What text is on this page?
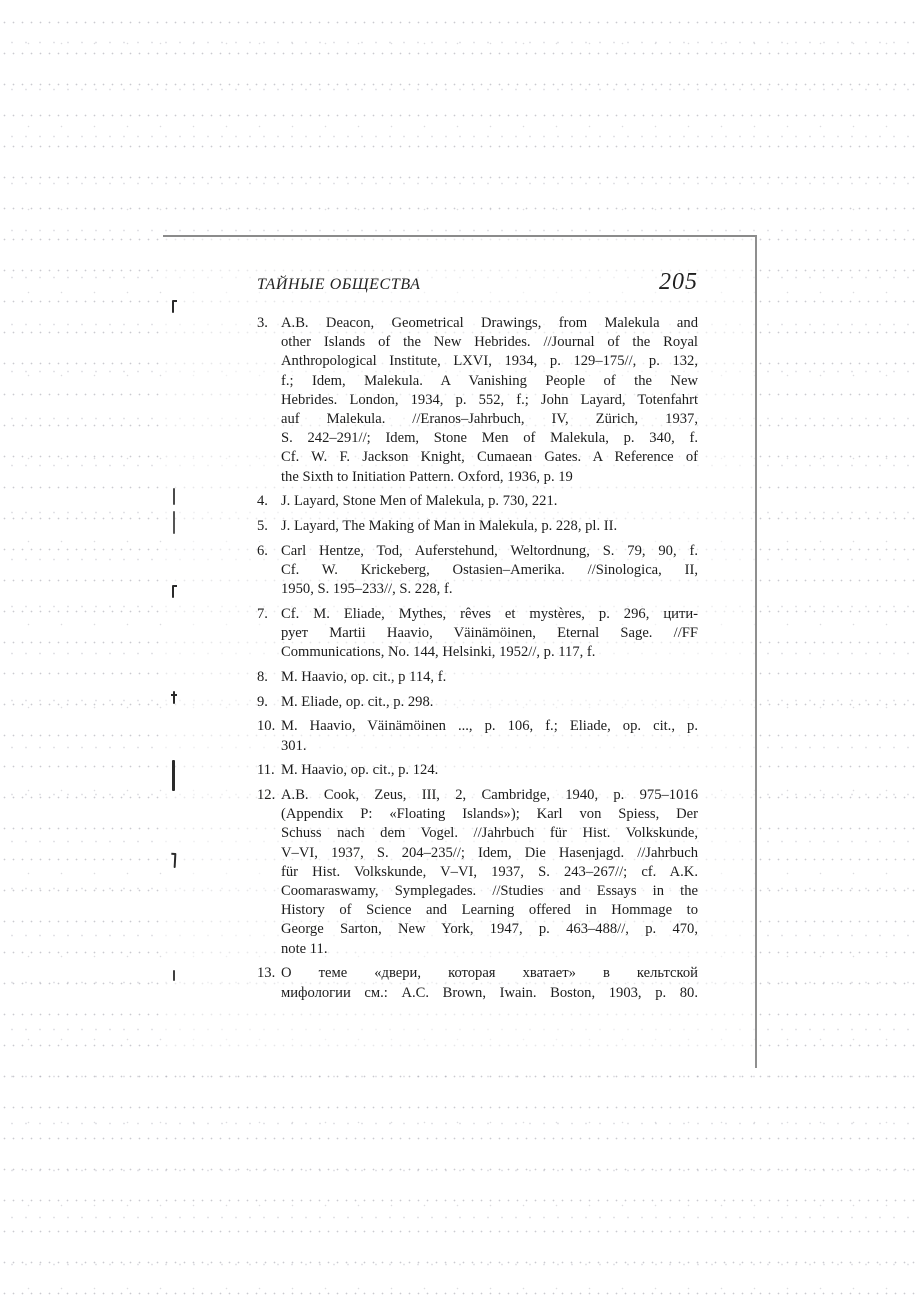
ТАЙНЫЕ ОБЩЕСТВА	205
3. A.B. Deacon, Geometrical Drawings, from Malekula and
other Islands of the New Hebrides. //Journal of the Royal
Anthropological Institute, LXVI, 1934, p. 129–175//, p. 132,
f.; Idem, Malekula. A Vanishing People of the New
Hebrides. London, 1934, p. 552, f.; John Layard, Totenfahrt
auf Malekula. //Eranos–Jahrbuch, IV, Zürich, 1937,
S. 242–291//; Idem, Stone Men of Malekula, p. 340, f.
Cf. W. F. Jackson Knight, Cumaean Gates. A Reference of
the Sixth to Initiation Pattern. Oxford, 1936, p. 19
4. J. Layard, Stone Men of Malekula, p. 730, 221.
5. J. Layard, The Making of Man in Malekula, p. 228, pl. II.
6. Carl Hentze, Tod, Auferstehund, Weltordnung, S. 79, 90, f.
Cf. W. Krickeberg, Ostasien–Amerika. //Sinologica, II,
1950, S. 195–233//, S. 228, f.
7. Cf. M. Eliade, Mythes, rêves et mystères, p. 296, цити-
рует Martii Haavio, Väinämöinen, Eternal Sage. //FF
Communications, No. 144, Helsinki, 1952//, p. 117, f.
8. M. Haavio, op. cit., p 114, f.
9. M. Eliade, op. cit., p. 298.
10. M. Haavio, Väinämöinen ..., p. 106, f.; Eliade, op. cit., p.
301.
11. M. Haavio, op. cit., p. 124.
12. A.B. Cook, Zeus, III, 2, Cambridge, 1940, p. 975–1016
(Appendix P: «Floating Islands»); Karl von Spiess, Der
Schuss nach dem Vogel. //Jahrbuch für Hist. Volkskunde,
V–VI, 1937, S. 204–235//; Idem, Die Hasenjagd. //Jahrbuch
für Hist. Volkskunde, V–VI, 1937, S. 243–267//; cf. A.K.
Coomaraswamy, Symplegades. //Studies and Essays in the
History of Science and Learning offered in Hommage to
George Sarton, New York, 1947, p. 463–488//, p. 470,
note 11.
13. О теме «двери, которая хватает» в кельтской
мифологии см.: A.C. Brown, Iwain. Boston, 1903, p. 80.
